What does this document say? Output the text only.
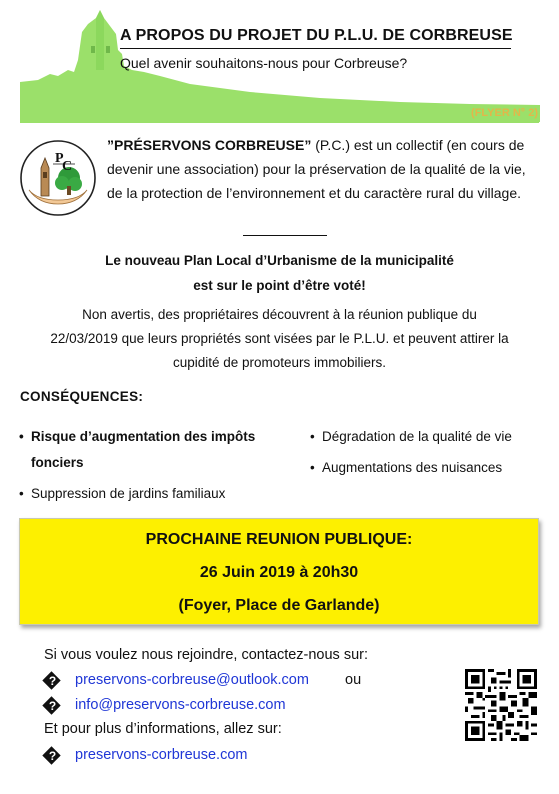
A PROPOS DU PROJET DU P.L.U. DE CORBREUSE
Quel avenir souhaitons-nous pour Corbreuse?
(FLYER N° 2)
P
C
”PRÉSERVONS CORBREUSE” (P.C.) est un collectif (en cours de devenir une association) pour la préservation de la qualité de la vie, de la protection de l’environnement et du caractère rural du village.
Le nouveau Plan Local d’Urbanisme de la municipalité
est sur le point d’être voté!
Non avertis, des propriétaires découvrent à la réunion publique du
22/03/2019 que leurs propriétés sont visées par le P.L.U. et peuvent attirer la
cupidité de promoteurs immobiliers.
CONSÉQUENCES:
• Risque d’augmentation des impôts fonciers
• Suppression de jardins familiaux
• Dégradation de la qualité de vie
• Augmentations des nuisances
PROCHAINE REUNION PUBLIQUE:
26 Juin 2019 à 20h30
(Foyer, Place de Garlande)
Si vous voulez nous rejoindre, contactez-nous sur:
?	preservons-corbreuse@outlook.com ou
?	info@preservons-corbreuse.com
Et pour plus d’informations, allez sur:
?	preservons-corbreuse.com
